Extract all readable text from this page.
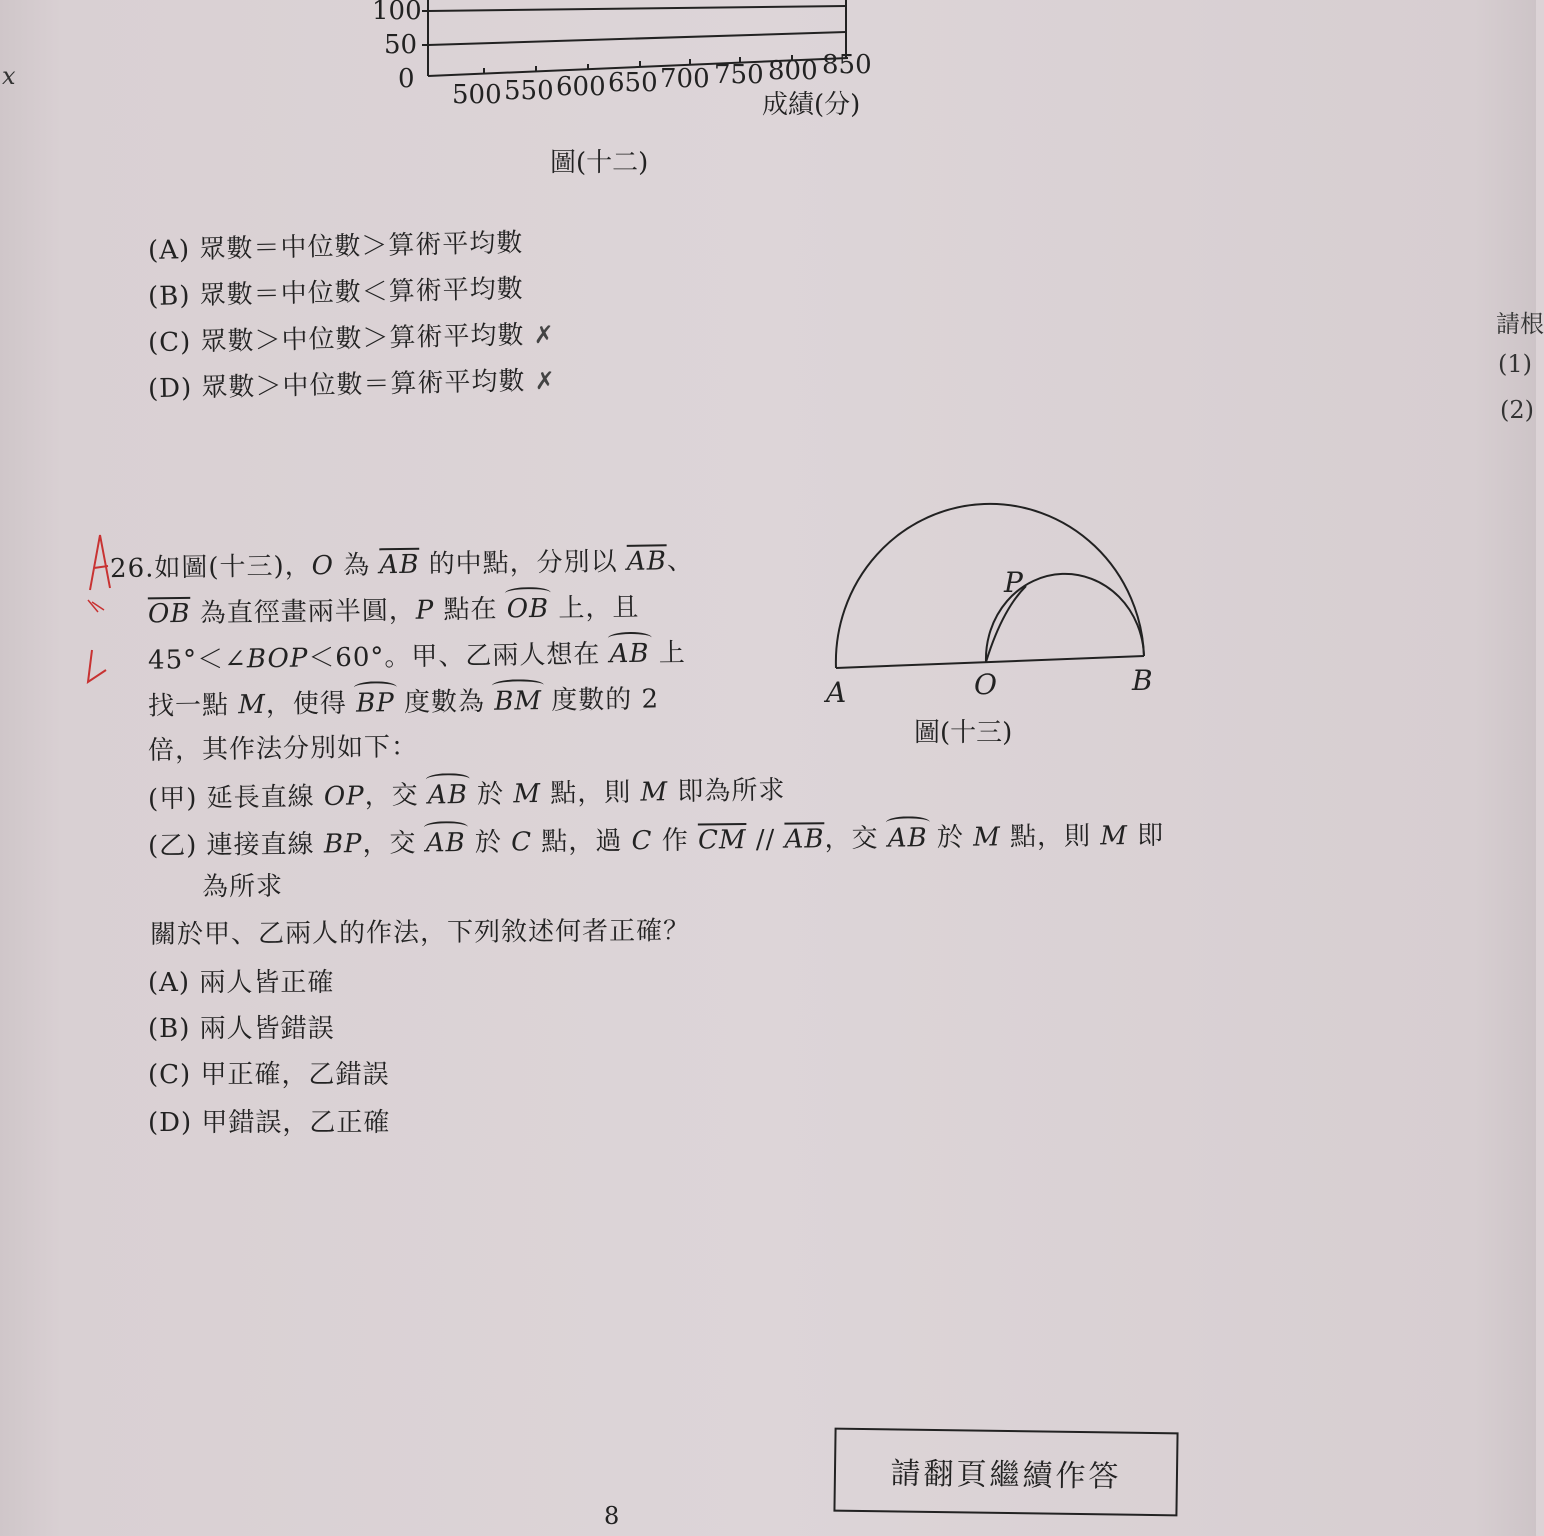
x
100
50
0
500 550 600 650 700 750 800 850
成績(分)
圖(十二)
(A) 眾數＝中位數＞算術平均數
(B) 眾數＝中位數＜算術平均數
(C) 眾數＞中位數＞算術平均數 ✗
(D) 眾數＞中位數＝算術平均數 ✗
請根
(1)
(2)
26.如圖(十三)，O 為 $\overline{AB}$ 的中點，分別以 $\overline{AB}$、
$\overline{OB}$ 為直徑畫兩半圓，P 點在 OB 上，且
45°＜∠BOP＜60°。甲、乙兩人想在 AB 上
找一點 M，使得 BP 度數為 BM 度數的 2
倍，其作法分別如下：
(甲) 延長直線 OP，交 AB 於 M 點，則 M 即為所求
(乙) 連接直線 BP，交 AB 於 C 點，過 C 作 $\overline{CM} // \overline{AB}$，交 AB 於 M 點，則 M 即
為所求
關於甲、乙兩人的作法，下列敘述何者正確？
(A) 兩人皆正確
(B) 兩人皆錯誤
(C) 甲正確，乙錯誤
(D) 甲錯誤，乙正確
A	O	B
P
圖(十三)
請翻頁繼續作答
8
